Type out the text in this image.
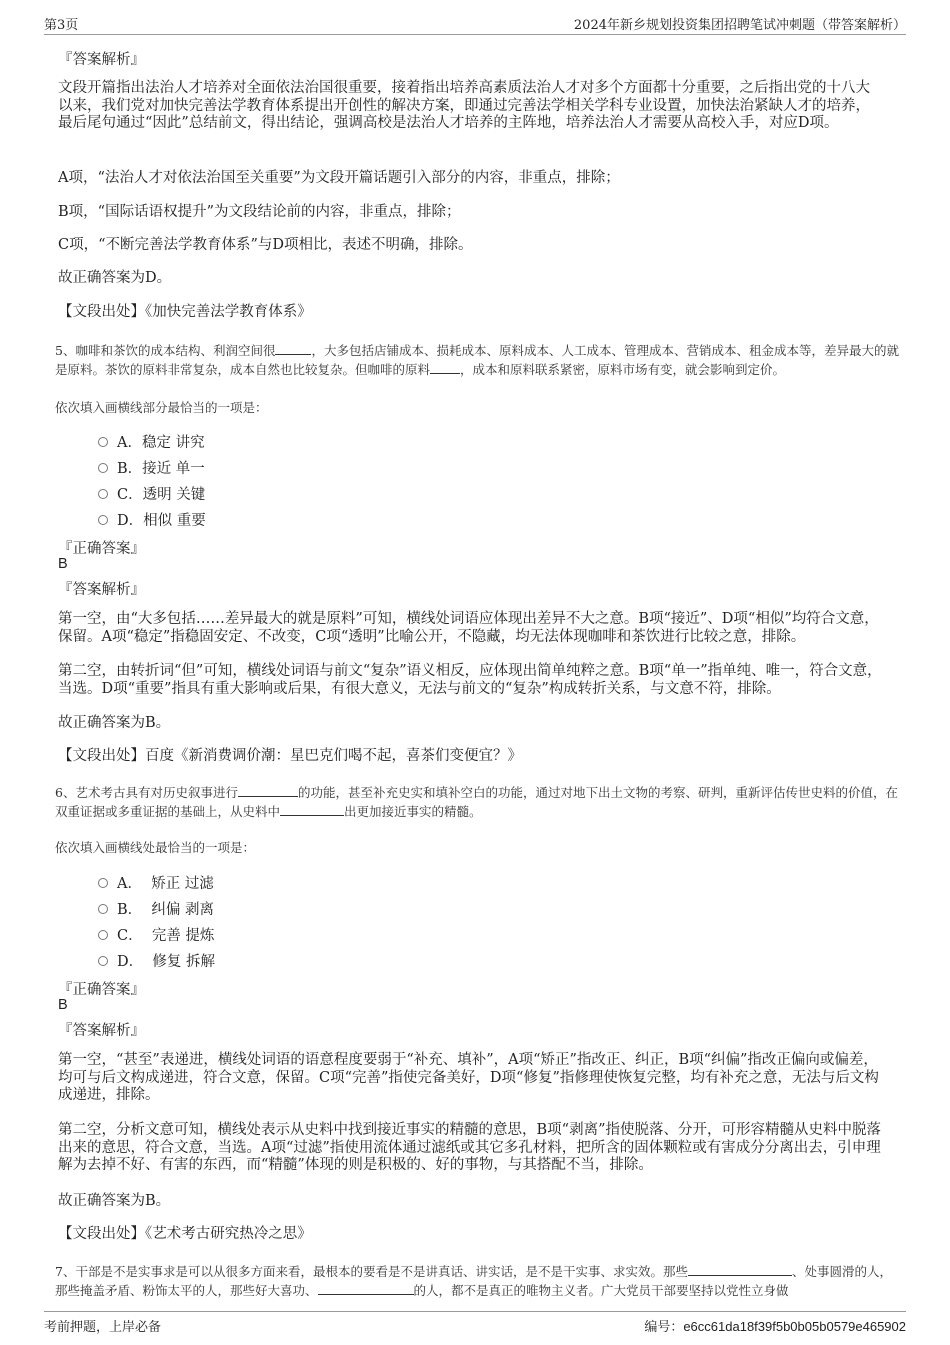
第3页	2024年新乡规划投资集团招聘笔试冲刺题（带答案解析）
『答案解析』
文段开篇指出法治人才培养对全面依法治国很重要，接着指出培养高素质法治人才对多个方面都十分重要，之后指出党的十八大以来，我们党对加快完善法学教育体系提出开创性的解决方案，即通过完善法学相关学科专业设置，加快法治紧缺人才的培养，最后尾句通过“因此”总结前文，得出结论，强调高校是法治人才培养的主阵地，培养法治人才需要从高校入手，对应D项。
A项，“法治人才对依法治国至关重要”为文段开篇话题引入部分的内容，非重点，排除；
B项，“国际话语权提升”为文段结论前的内容，非重点，排除；
C项，“不断完善法学教育体系”与D项相比，表述不明确，排除。
故正确答案为D。
【文段出处】《加快完善法学教育体系》
5、咖啡和茶饮的成本结构、利润空间很	，大多包括店铺成本、损耗成本、原料成本、人工成本、管理成本、营销成本、租金成本等，差异最大的就是原料。茶饮的原料非常复杂，成本自然也比较复杂。但咖啡的原料 ，成本和原料联系紧密，原料市场有变，就会影响到定价。
依次填入画横线部分最恰当的一项是：
A．稳定 讲究
B．接近 单一
C．透明 关键
D．相似 重要
『正确答案』
B
『答案解析』
第一空，由“大多包括……差异最大的就是原料”可知，横线处词语应体现出差异不大之意。B项“接近”、D项“相似”均符合文意，保留。A项“稳定”指稳固安定、不改变，C项“透明”比喻公开，不隐藏，均无法体现咖啡和茶饮进行比较之意，排除。
第二空，由转折词“但”可知，横线处词语与前文“复杂”语义相反，应体现出简单纯粹之意。B项“单一”指单纯、唯一，符合文意，当选。D项“重要”指具有重大影响或后果，有很大意义，无法与前文的“复杂”构成转折关系，与文意不符，排除。
故正确答案为B。
【文段出处】百度《新消费调价潮：星巴克们喝不起，喜茶们变便宜？》
6、艺术考古具有对历史叙事进行	的功能，甚至补充史实和填补空白的功能，通过对地下出土文物的考察、研判，重新评估传世史料的价值，在双重证据或多重证据的基础上，从史料中	出更加接近事实的精髓。
依次填入画横线处最恰当的一项是：
A． 矫正 过滤
B． 纠偏 剥离
C． 完善 提炼
D． 修复 拆解
『正确答案』
B
『答案解析』
第一空，“甚至”表递进，横线处词语的语意程度要弱于“补充、填补”，A项“矫正”指改正、纠正，B项“纠偏”指改正偏向或偏差，均可与后文构成递进，符合文意，保留。C项“完善”指使完备美好，D项“修复”指修理使恢复完整，均有补充之意，无法与后文构成递进，排除。
第二空，分析文意可知，横线处表示从史料中找到接近事实的精髓的意思，B项“剥离”指使脱落、分开，可形容精髓从史料中脱落出来的意思，符合文意，当选。A项“过滤”指使用流体通过滤纸或其它多孔材料，把所含的固体颗粒或有害成分分离出去，引申理解为去掉不好、有害的东西，而“精髓”体现的则是积极的、好的事物，与其搭配不当，排除。
故正确答案为B。
【文段出处】《艺术考古研究热冷之思》
7、干部是不是实事求是可以从很多方面来看，最根本的要看是不是讲真话、讲实话，是不是干实事、求实效。那些	、处事圆滑的人，那些掩盖矛盾、粉饰太平的人，那些好大喜功、	的人，都不是真正的唯物主义者。广大党员干部要坚持以党性立身做
考前押题，上岸必备	编号：e6cc61da18f39f5b0b05b0579e465902
